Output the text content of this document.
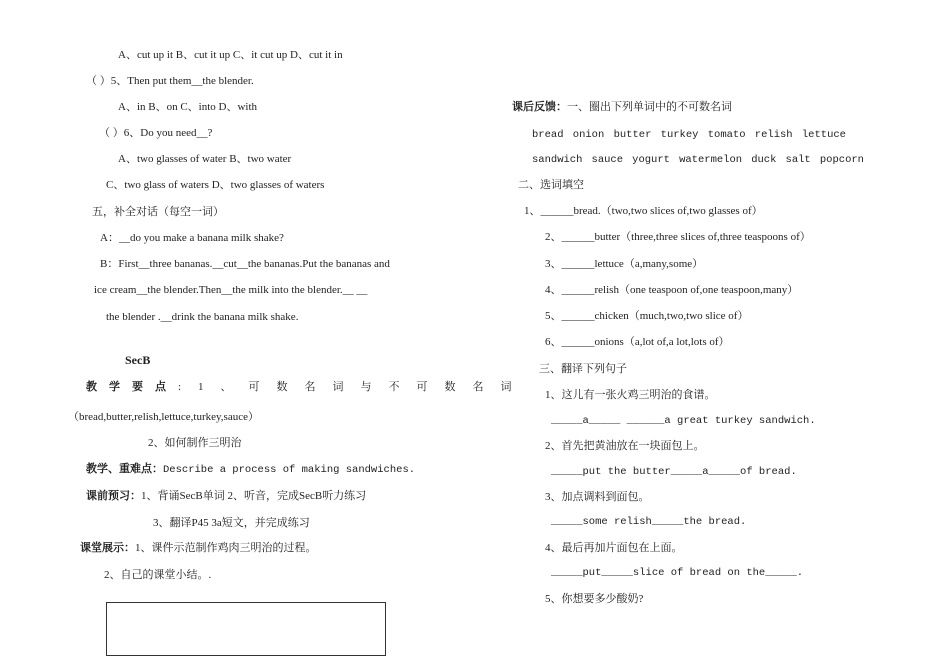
A、cut up it B、cut it up C、it cut up D、cut it in
（ ）5、Then put them__the blender.
A、in B、on C、into D、with
（ ）6、Do you need__?
A、two glasses of water B、two water
C、two glass of waters D、two glasses of waters
五，补全对话（每空一词）
A：__do you make a banana milk shake?
B：First__three bananas.__cut__the bananas.Put the bananas and
ice cream__the blender.Then__the milk into the blender.__ __
the blender .__drink the banana milk shake.
SecB
教学要点 :1、可数名词与不可数名词
（bread,butter,relish,lettuce,turkey,sauce）
2、如何制作三明治
教学、重难点：Describe a process of making sandwiches.
课前预习：1、背诵SecB单词 2、听音，完成SecB听力练习
3、翻译P45 3a短文，并完成练习
课堂展示：1、课件示范制作鸡肉三明治的过程。
2、自己的课堂小结。.
课后反馈：一、圈出下列单词中的不可数名词
bread onion butter turkey tomato relish lettuce
sandwich sauce yogurt watermelon duck salt popcorn
二、选词填空
1、______bread.（two,two slices of,two glasses of）
2、______butter（three,three slices of,three teaspoons of）
3、______lettuce（a,many,some）
4、______relish（one teaspoon of,one teaspoon,many）
5、______chicken（much,two,two slice of）
6、______onions（a,lot of,a lot,lots of）
三、翻译下列句子
1、这儿有一张火鸡三明治的食谱。
_____a_____ ______a great turkey sandwich.
2、首先把黄油放在一块面包上。
_____put the butter_____a_____of bread.
3、加点调料到面包。
_____some relish_____the bread.
4、最后再加片面包在上面。
_____put_____slice of bread on the_____.
5、你想要多少酸奶?
